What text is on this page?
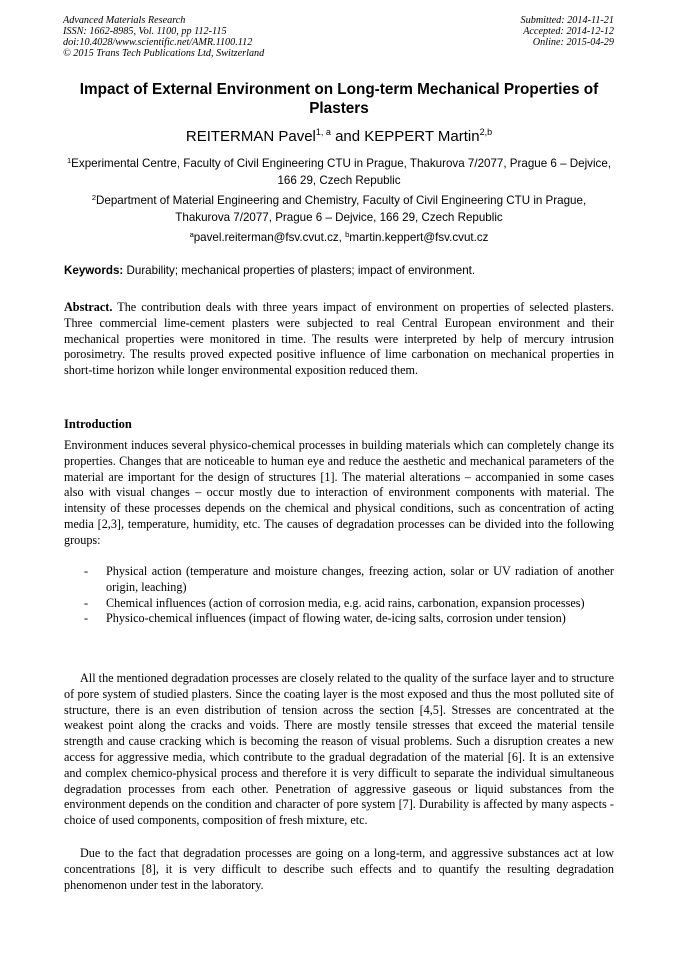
Advanced Materials Research
ISSN: 1662-8985, Vol. 1100, pp 112-115
doi:10.4028/www.scientific.net/AMR.1100.112
© 2015 Trans Tech Publications Ltd, Switzerland
Submitted: 2014-11-21
Accepted: 2014-12-12
Online: 2015-04-29
Impact of External Environment on Long-term Mechanical Properties of Plasters
REITERMAN Pavel$^{1, a}$ and KEPPERT Martin$^{2,b}$
$^1$Experimental Centre, Faculty of Civil Engineering CTU in Prague, Thakurova 7/2077, Prague 6 – Dejvice, 166 29, Czech Republic
$^2$Department of Material Engineering and Chemistry, Faculty of Civil Engineering CTU in Prague, Thakurova 7/2077, Prague 6 – Dejvice, 166 29, Czech Republic
$^a$pavel.reiterman@fsv.cvut.cz, $^b$martin.keppert@fsv.cvut.cz
Keywords: Durability; mechanical properties of plasters; impact of environment.
Abstract. The contribution deals with three years impact of environment on properties of selected plasters. Three commercial lime-cement plasters were subjected to real Central European environment and their mechanical properties were monitored in time. The results were interpreted by help of mercury intrusion porosimetry. The results proved expected positive influence of lime carbonation on mechanical properties in short-time horizon while longer environmental exposition reduced them.
Introduction
Environment induces several physico-chemical processes in building materials which can completely change its properties. Changes that are noticeable to human eye and reduce the aesthetic and mechanical parameters of the material are important for the design of structures [1]. The material alterations – accompanied in some cases also with visual changes – occur mostly due to interaction of environment components with material. The intensity of these processes depends on the chemical and physical conditions, such as concentration of acting media [2,3], temperature, humidity, etc. The causes of degradation processes can be divided into the following groups:
- Physical action (temperature and moisture changes, freezing action, solar or UV radiation of another origin, leaching)
- Chemical influences (action of corrosion media, e.g. acid rains, carbonation, expansion processes)
- Physico-chemical influences (impact of flowing water, de-icing salts, corrosion under tension)
All the mentioned degradation processes are closely related to the quality of the surface layer and to structure of pore system of studied plasters. Since the coating layer is the most exposed and thus the most polluted site of structure, there is an even distribution of tension across the section [4,5]. Stresses are concentrated at the weakest point along the cracks and voids. There are mostly tensile stresses that exceed the material tensile strength and cause cracking which is becoming the reason of visual problems. Such a disruption creates a new access for aggressive media, which contribute to the gradual degradation of the material [6]. It is an extensive and complex chemico-physical process and therefore it is very difficult to separate the individual simultaneous degradation processes from each other. Penetration of aggressive gaseous or liquid substances from the environment depends on the condition and character of pore system [7]. Durability is affected by many aspects - choice of used components, composition of fresh mixture, etc.
Due to the fact that degradation processes are going on a long-term, and aggressive substances act at low concentrations [8], it is very difficult to describe such effects and to quantify the resulting degradation phenomenon under test in the laboratory.
